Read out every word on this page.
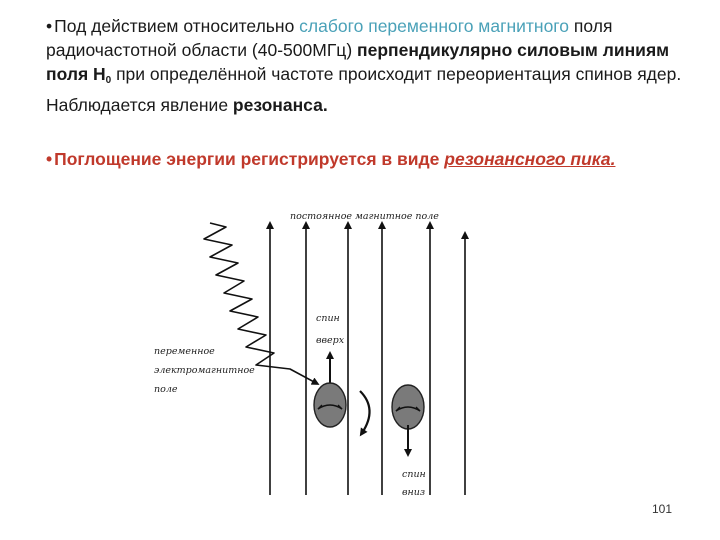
• Под действием относительно слабого переменного магнитного поля радиочастотной области (40-500МГц) перпендикулярно силовым линиям поля $Н_0$ при определённой частоте происходит переориентация спинов ядер. Наблюдается явление резонанса.
• Поглощение энергии регистрируется в виде резонансного пика.
постоянное магнитное поле
спин
вверх
переменное
электромагнитное
поле
спин
вниз
101
